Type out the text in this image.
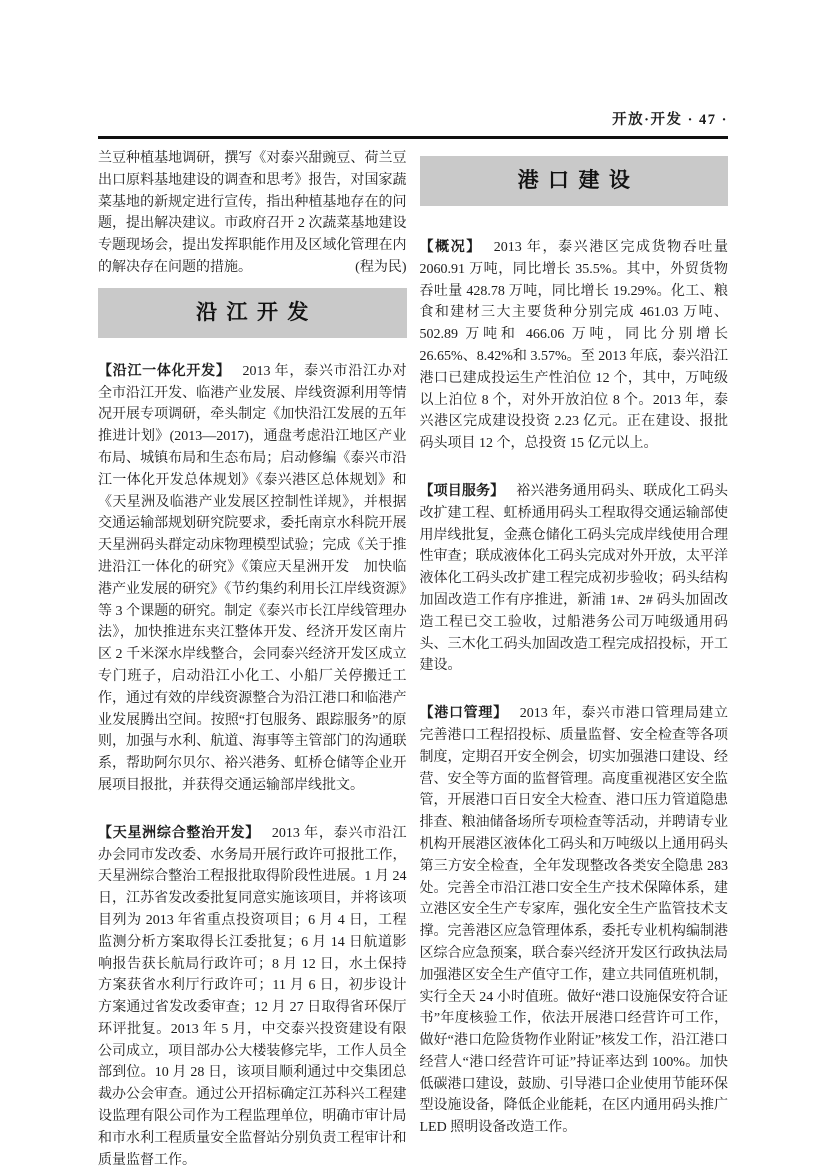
开放·开发 · 47 ·

兰豆种植基地调研，撰写《对泰兴甜豌豆、荷兰豆出口原料基地建设的调查和思考》报告，对国家蔬菜基地的新规定进行宣传，指出种植基地存在的问题，提出解决建议。市政府召开 2 次蔬菜基地建设专题现场会，提出发挥职能作用及区域化管理在内的解决存在问题的措施。	(程为民)

沿江开发

【沿江一体化开发】 2013 年，泰兴市沿江办对全市沿江开发、临港产业发展、岸线资源利用等情况开展专项调研，牵头制定《加快沿江发展的五年推进计划》(2013—2017)，通盘考虑沿江地区产业布局、城镇布局和生态布局；启动修编《泰兴市沿江一体化开发总体规划》《泰兴港区总体规划》和《天星洲及临港产业发展区控制性详规》，并根据交通运输部规划研究院要求，委托南京水科院开展天星洲码头群定动床物理模型试验；完成《关于推进沿江一体化的研究》《策应天星洲开发　加快临港产业发展的研究》《节约集约利用长江岸线资源》等 3 个课题的研究。制定《泰兴市长江岸线管理办法》，加快推进东夹江整体开发、经济开发区南片区 2 千米深水岸线整合，会同泰兴经济开发区成立专门班子，启动沿江小化工、小船厂关停搬迁工作，通过有效的岸线资源整合为沿江港口和临港产业发展腾出空间。按照“打包服务、跟踪服务”的原则，加强与水利、航道、海事等主管部门的沟通联系，帮助阿尔贝尔、裕兴港务、虹桥仓储等企业开展项目报批，并获得交通运输部岸线批文。

【天星洲综合整治开发】 2013 年，泰兴市沿江办会同市发改委、水务局开展行政许可报批工作，天星洲综合整治工程报批取得阶段性进展。1 月 24 日，江苏省发改委批复同意实施该项目，并将该项目列为 2013 年省重点投资项目；6 月 4 日，工程监测分析方案取得长江委批复；6 月 14 日航道影响报告获长航局行政许可；8 月 12 日，水土保持方案获省水利厅行政许可；11 月 6 日，初步设计方案通过省发改委审查；12 月 27 日取得省环保厅环评批复。2013 年 5 月，中交泰兴投资建设有限公司成立，项目部办公大楼装修完毕，工作人员全部到位。10 月 28 日，该项目顺利通过中交集团总裁办公会审查。通过公开招标确定江苏科兴工程建设监理有限公司作为工程监理单位，明确市审计局和市水利工程质量安全监督站分别负责工程审计和质量监督工作。

港口建设

【概况】 2013 年，泰兴港区完成货物吞吐量 2060.91 万吨，同比增长 35.5%。其中，外贸货物吞吐量 428.78 万吨，同比增长 19.29%。化工、粮食和建材三大主要货种分别完成 461.03 万吨、502.89 万吨和 466.06 万吨，同比分别增长 26.65%、8.42%和 3.57%。至 2013 年底，泰兴沿江港口已建成投运生产性泊位 12 个，其中，万吨级以上泊位 8 个，对外开放泊位 8 个。2013 年，泰兴港区完成建设投资 2.23 亿元。正在建设、报批码头项目 12 个，总投资 15 亿元以上。

【项目服务】 裕兴港务通用码头、联成化工码头改扩建工程、虹桥通用码头工程取得交通运输部使用岸线批复，金燕仓储化工码头完成岸线使用合理性审查；联成液体化工码头完成对外开放，太平洋液体化工码头改扩建工程完成初步验收；码头结构加固改造工作有序推进，新浦 1#、2# 码头加固改造工程已交工验收，过船港务公司万吨级通用码头、三木化工码头加固改造工程完成招投标，开工建设。

【港口管理】 2013 年，泰兴市港口管理局建立完善港口工程招投标、质量监督、安全检查等各项制度，定期召开安全例会，切实加强港口建设、经营、安全等方面的监督管理。高度重视港区安全监管，开展港口百日安全大检查、港口压力管道隐患排查、粮油储备场所专项检查等活动，并聘请专业机构开展港区液体化工码头和万吨级以上通用码头第三方安全检查，全年发现整改各类安全隐患 283 处。完善全市沿江港口安全生产技术保障体系，建立港区安全生产专家库，强化安全生产监管技术支撑。完善港区应急管理体系，委托专业机构编制港区综合应急预案，联合泰兴经济开发区行政执法局加强港区安全生产值守工作，建立共同值班机制，实行全天 24 小时值班。做好“港口设施保安符合证书”年度核验工作，依法开展港口经营许可工作，做好“港口危险货物作业附证”核发工作，沿江港口经营人“港口经营许可证”持证率达到 100%。加快低碳港口建设，鼓励、引导港口企业使用节能环保型设施设备，降低企业能耗，在区内通用码头推广 LED 照明设备改造工作。
